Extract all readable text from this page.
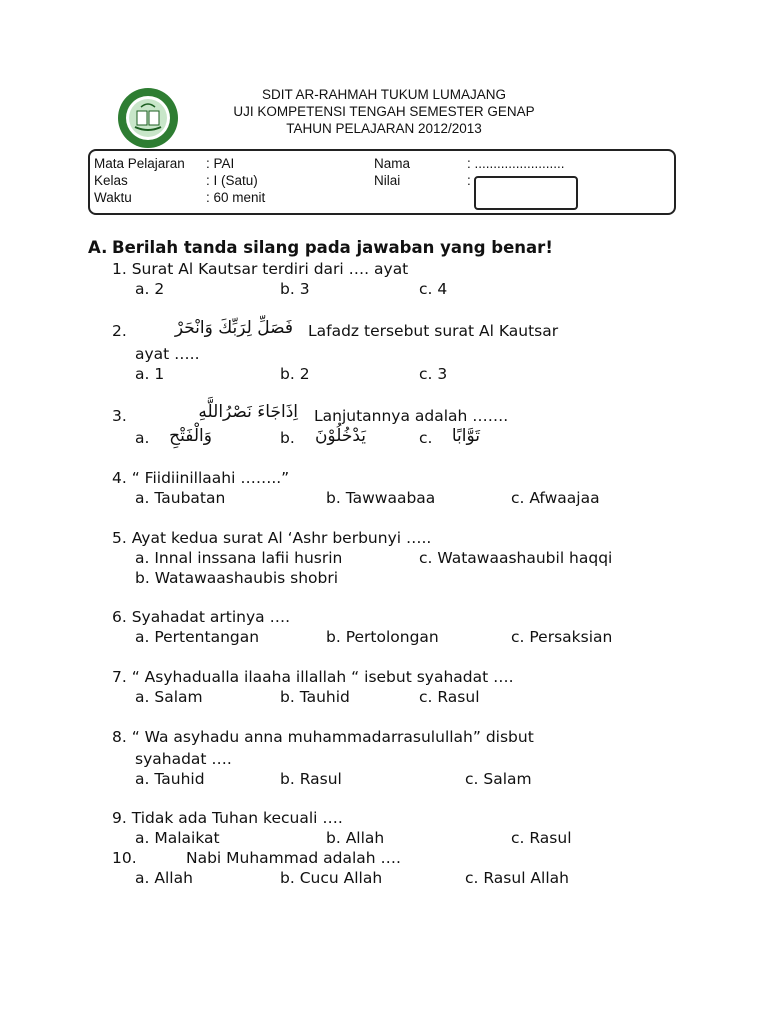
SDIT AR-RAHMAH TUKUM LUMAJANG
UJI KOMPETENSI TENGAH SEMESTER GENAP
TAHUN PELAJARAN 2012/2013
Mata Pelajaran : PAI	Nama	: ........................
Kelas	: I (Satu)	Nilai	:
Waktu	: 60 menit
A. Berilah tanda silang pada jawaban yang benar!
1. Surat Al Kautsar terdiri dari …. ayat
a. 2	b. 3	c. 4
2.	فَصَلِّ لِرَبِّكَ وَانْحَرْ Lafadz tersebut surat Al Kautsar
ayat …..
a. 1	b. 2	c. 3
3.	اِذَاجَاءَ نَصْرُاللَّهِ Lanjutannya adalah …….
a.	وَالْفَتْحِ	b.	يَدْخُلُوْنَ	c.	تَوَّابًا
4. “ Fiidiinillaahi ……..”
a. Taubatan	b. Tawwaabaa	c. Afwaajaa
5. Ayat kedua surat Al ‘Ashr berbunyi …..
a. Innal inssana lafii husrin	c. Watawaashaubil haqqi
b. Watawaashaubis shobri
6. Syahadat artinya ….
a. Pertentangan	b. Pertolongan	c. Persaksian
7. “ Asyhadualla ilaaha illallah “ isebut syahadat ….
a. Salam	b. Tauhid	c. Rasul
8. “ Wa asyhadu anna muhammadarrasulullah” disbut
syahadat ….
a. Tauhid	b. Rasul	c. Salam
9. Tidak ada Tuhan kecuali ….
a. Malaikat	b. Allah	c. Rasul
10.	Nabi Muhammad adalah ….
a. Allah	b. Cucu Allah	c. Rasul Allah
